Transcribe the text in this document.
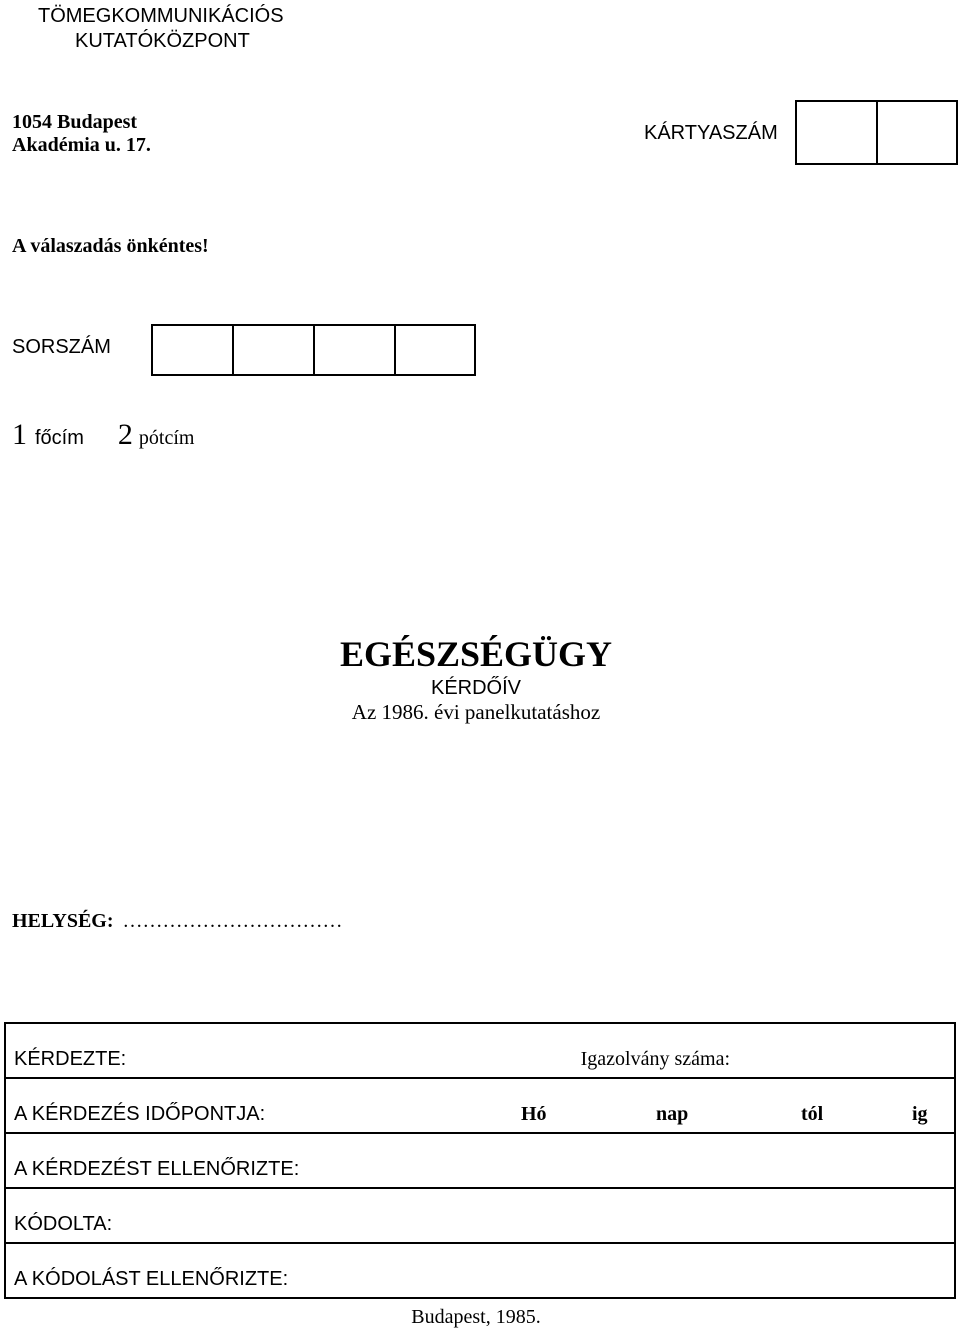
TÖMEGKOMMUNIKÁCIÓS
KUTATÓKÖZPONT
1054 Budapest
Akadémia u. 17.
KÁRTYASZÁM
A válaszadás önkéntes!
SORSZÁM
1 főcím 2 pótcím
EGÉSZSÉGÜGY
KÉRDŐÍV
Az 1986. évi panelkutatáshoz
HELYSÉG: ……………………………
KÉRDEZTE:	Igazolvány száma:

A KÉRDEZÉS IDŐPONTJA:	Hó	nap	tól	ig

A KÉRDEZÉST ELLENŐRIZTE:
KÓDOLTA:
A KÓDOLÁST ELLENŐRIZTE:
Budapest, 1985.
